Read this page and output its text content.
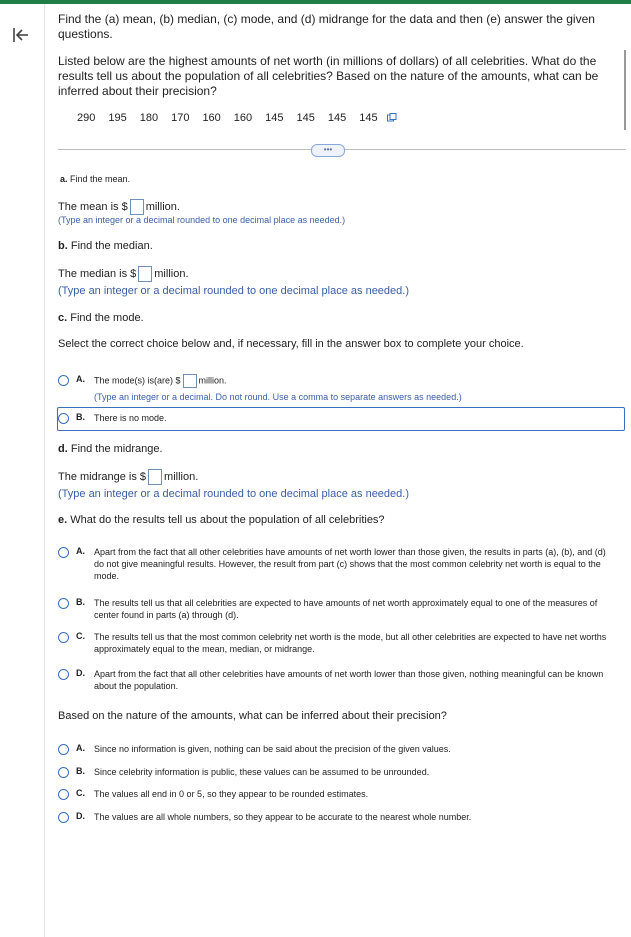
Find the (a) mean, (b) median, (c) mode, and (d) midrange for the data and then (e) answer the given questions.
Listed below are the highest amounts of net worth (in millions of dollars) of all celebrities. What do the results tell us about the population of all celebrities? Based on the nature of the amounts, what can be inferred about their precision?
290 195 180 170 160 160 145 145 145 145
•••
a. Find the mean.
The mean is $ million.
(Type an integer or a decimal rounded to one decimal place as needed.)
b. Find the median.
The median is $ million.
(Type an integer or a decimal rounded to one decimal place as needed.)
c. Find the mode.
Select the correct choice below and, if necessary, fill in the answer box to complete your choice.
A. The mode(s) is(are) $ million.
(Type an integer or a decimal. Do not round. Use a comma to separate answers as needed.)
B. There is no mode.
d. Find the midrange.
The midrange is $ million.
(Type an integer or a decimal rounded to one decimal place as needed.)
e. What do the results tell us about the population of all celebrities?
A. Apart from the fact that all other celebrities have amounts of net worth lower than those given, the results in parts (a), (b), and (d) do not give meaningful results. However, the result from part (c) shows that the most common celebrity net worth is equal to the mode.
B. The results tell us that all celebrities are expected to have amounts of net worth approximately equal to one of the measures of center found in parts (a) through (d).
C. The results tell us that the most common celebrity net worth is the mode, but all other celebrities are expected to have net worths approximately equal to the mean, median, or midrange.
D. Apart from the fact that all other celebrities have amounts of net worth lower than those given, nothing meaningful can be known about the population.
Based on the nature of the amounts, what can be inferred about their precision?
A. Since no information is given, nothing can be said about the precision of the given values.
B. Since celebrity information is public, these values can be assumed to be unrounded.
C. The values all end in 0 or 5, so they appear to be rounded estimates.
D. The values are all whole numbers, so they appear to be accurate to the nearest whole number.
